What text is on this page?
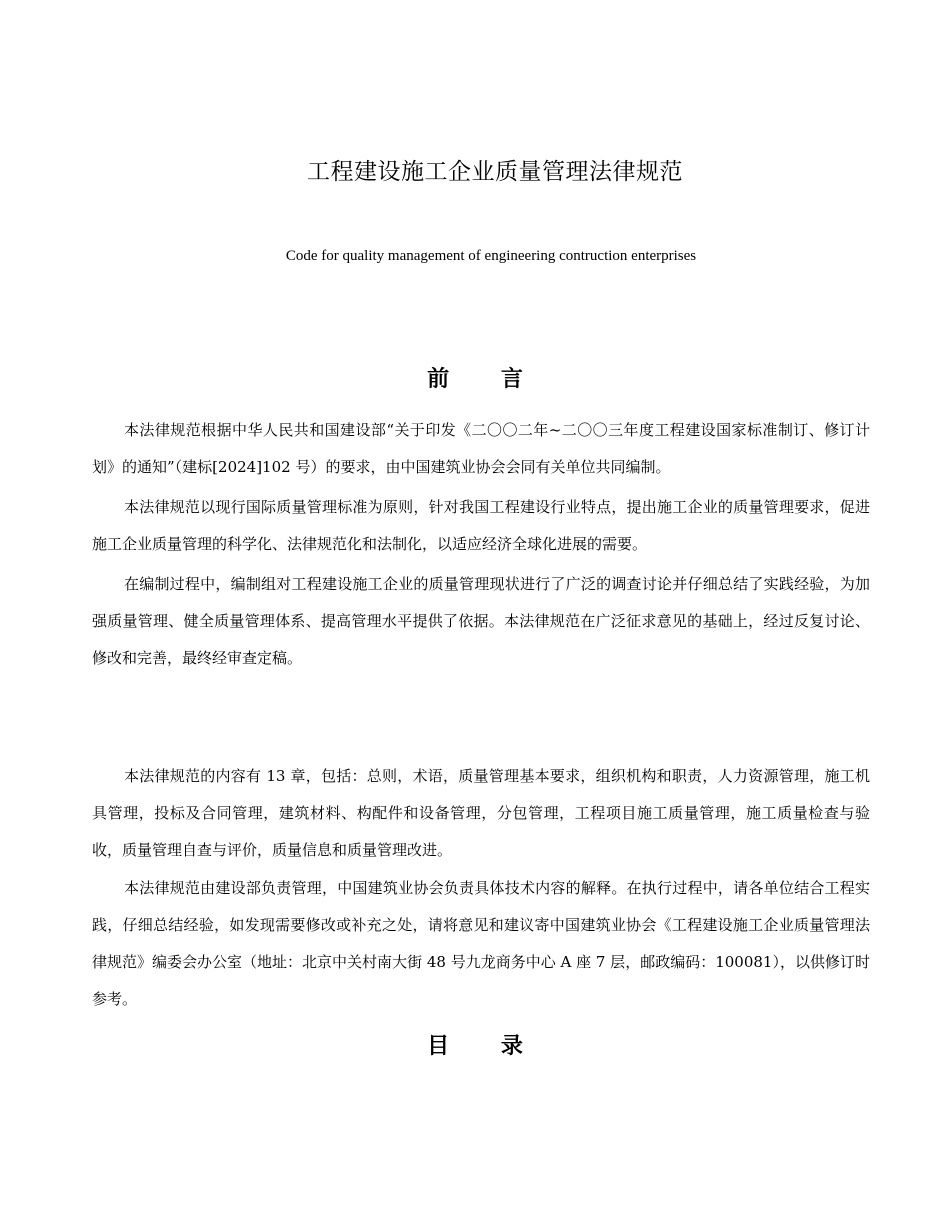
工程建设施工企业质量管理法律规范
Code for quality management of engineering contruction enterprises
前 言

本法律规范根据中华人民共和国建设部“关于印发《二〇〇二年~二〇〇三年度工程建设国家标准制订、修订计划》的通知”（建标[2024]102 号）的要求，由中国建筑业协会会同有关单位共同编制。

本法律规范以现行国际质量管理标准为原则，针对我国工程建设行业特点，提出施工企业的质量管理要求，促进施工企业质量管理的科学化、法律规范化和法制化，以适应经济全球化进展的需要。

在编制过程中，编制组对工程建设施工企业的质量管理现状进行了广泛的调查讨论并仔细总结了实践经验，为加强质量管理、健全质量管理体系、提高管理水平提供了依据。本法律规范在广泛征求意见的基础上，经过反复讨论、修改和完善，最终经审查定稿。

本法律规范的内容有 13 章，包括：总则，术语，质量管理基本要求，组织机构和职责，人力资源管理，施工机具管理，投标及合同管理，建筑材料、构配件和设备管理，分包管理，工程项目施工质量管理，施工质量检查与验收，质量管理自查与评价，质量信息和质量管理改进。

本法律规范由建设部负责管理，中国建筑业协会负责具体技术内容的解释。在执行过程中，请各单位结合工程实践，仔细总结经验，如发现需要修改或补充之处，请将意见和建议寄中国建筑业协会《工程建设施工企业质量管理法律规范》编委会办公室（地址：北京中关村南大街 48 号九龙商务中心 A 座 7 层，邮政编码：100081），以供修订时参考。

目 录
